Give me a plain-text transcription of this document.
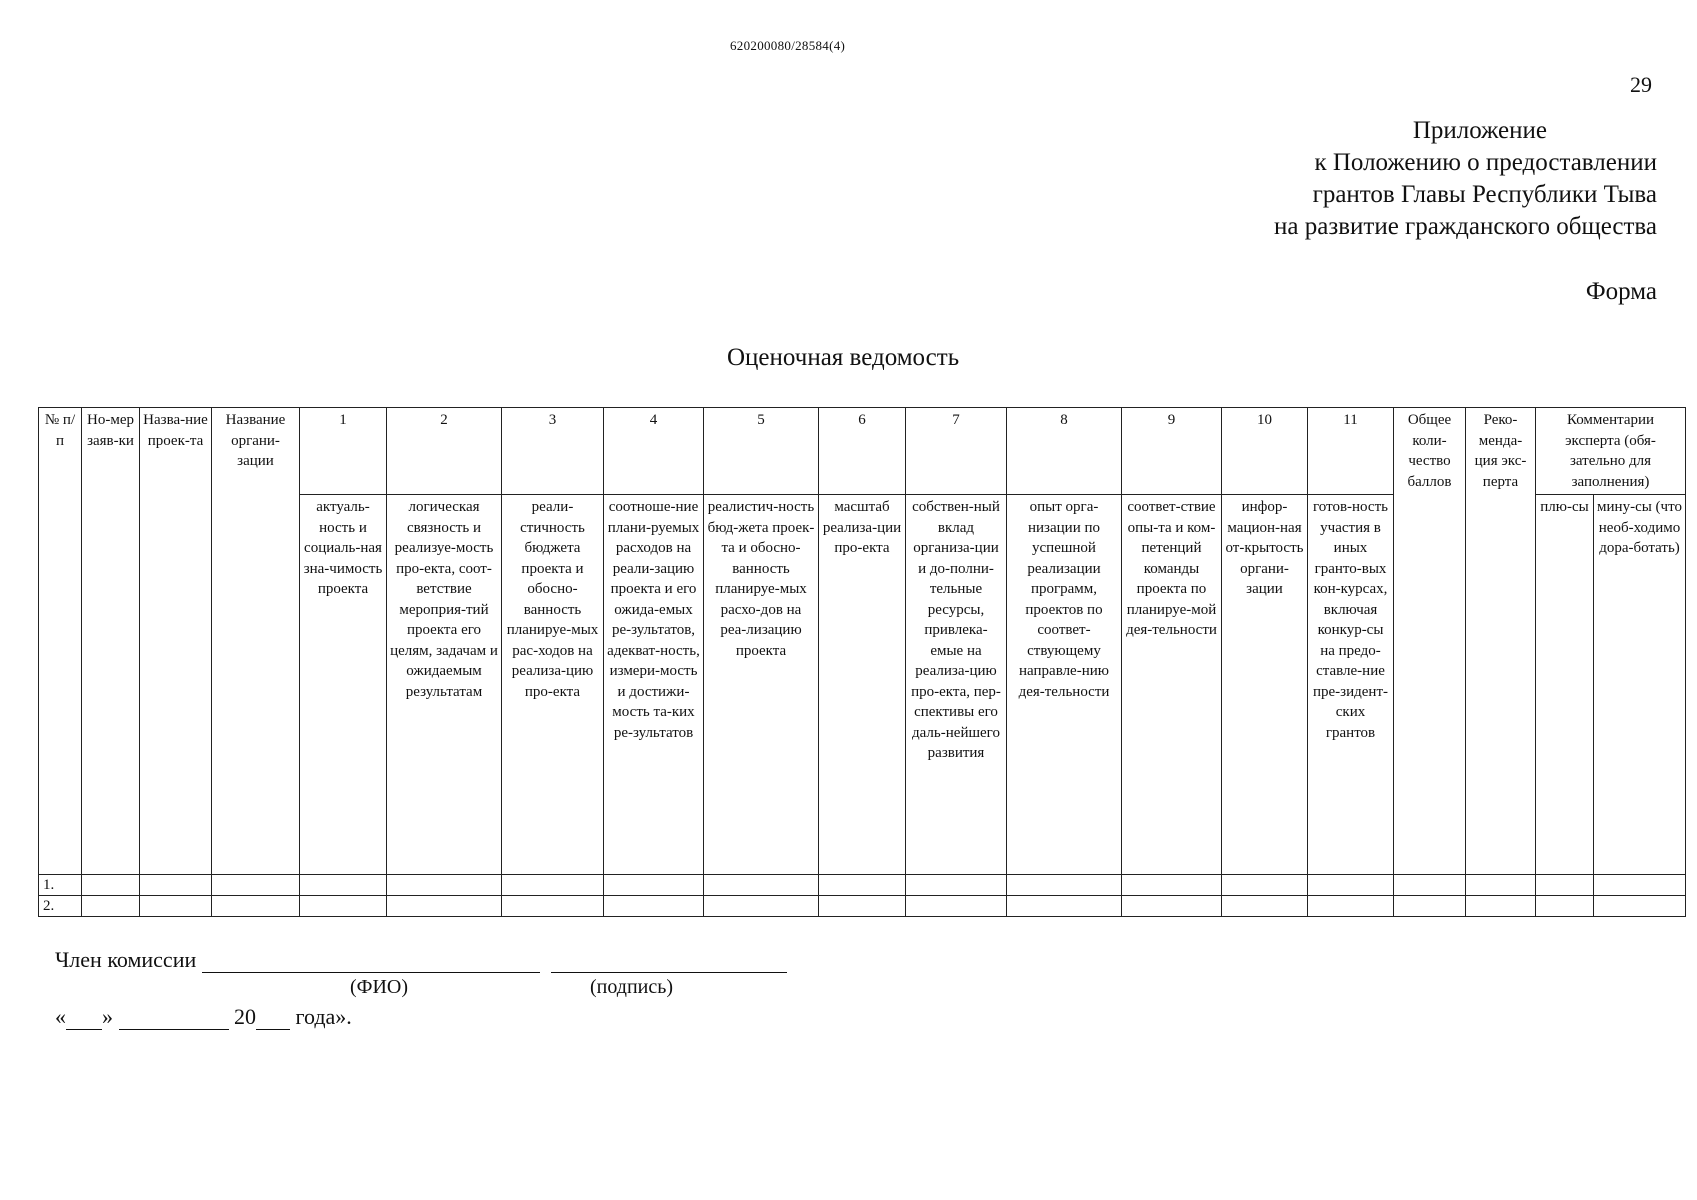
620200080/28584(4)
29
Приложение
к Положению о предоставлении
грантов Главы Республики Тыва
на развитие гражданского общества
Форма
Оценочная ведомость
№ п/п	Но-мер заяв-ки	Назва-ние проек-та	Название органи-зации	1	2	3	4	5	6	7	8	9	10	11	Общее коли-чество баллов	Реко-менда-ция экс-перта	Комментарии эксперта (обя-зательно для заполнения)	
				актуаль-ность и социаль-ная зна-чимость проекта	логическая связность и реализуе-мость про-екта, соот-ветствие мероприя-тий проекта его целям, задачам и ожидаемым результатам	реали-стичность бюджета проекта и обосно-ванность планируе-мых рас-ходов на реализа-цию про-екта	соотноше-ние плани-руемых расходов на реали-зацию проекта и его ожида-емых ре-зультатов, адекват-ность, измери-мость и достижи-мость та-ких ре-зультатов	реалистич-ность бюд-жета проек-та и обосно-ванность планируе-мых расхо-дов на реа-лизацию проекта	масштаб реализа-ции про-екта	собствен-ный вклад организа-ции и до-полни-тельные ресурсы, привлека-емые на реализа-цию про-екта, пер-спективы его даль-нейшего развития	опыт орга-низации по успешной реализации программ, проектов по соответ-ствующему направле-нию дея-тельности	соответ-ствие опы-та и ком-петенций команды проекта по планируе-мой дея-тельности	инфор-мацион-ная от-крытость органи-зации	готов-ность участия в иных гранто-вых кон-курсах, включая конкур-сы на предо-ставле-ние пре-зидент-ских грантов			плю-сы	мину-сы (что необ-ходимо дора-ботать)
1.																		
2.																		
Член комиссии
(ФИО)	(подпись)
« »	20 года».
